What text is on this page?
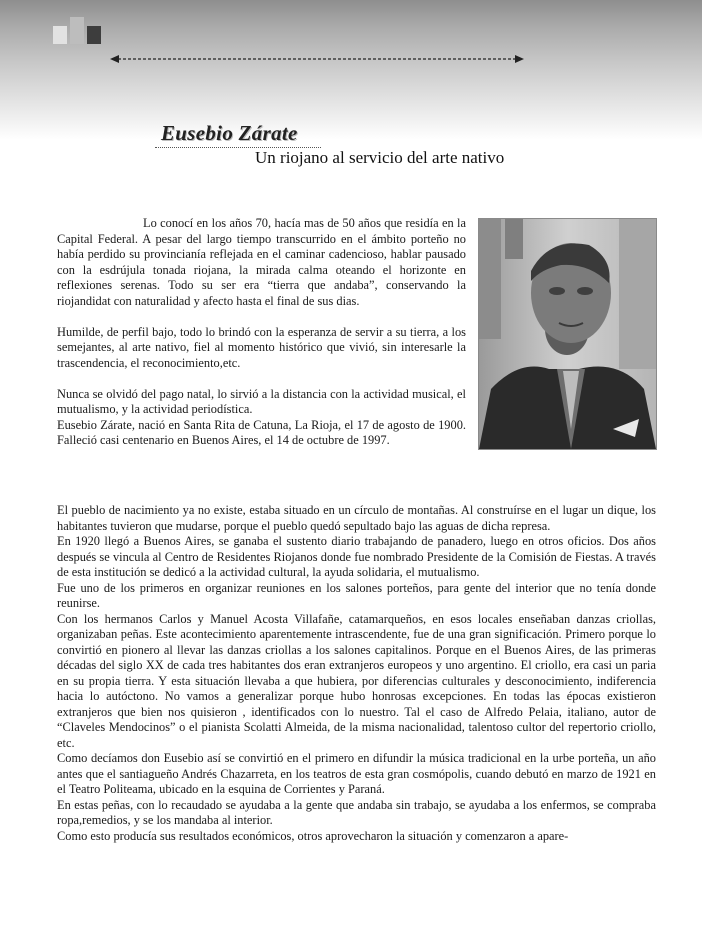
Eusebio Zárate
Un riojano al servicio del arte nativo

Lo conocí en los años 70, hacía mas de 50 años que residía en la Capital Federal. A pesar del largo tiempo transcurrido en el ámbito porteño no había perdido su provincianía reflejada en el caminar cadencioso, hablar pausado con la esdrújula tonada riojana, la mirada calma oteando el horizonte en reflexiones serenas. Todo su ser era “tierra que andaba”, conservando la riojandidat con naturalidad y afecto hasta el final de sus dias.

Humilde, de perfil bajo, todo lo brindó con la esperanza de servir a su tierra, a los semejantes, al arte nativo, fiel al momento histórico que vivió, sin interesarle la trascendencia, el reconocimiento,etc.

Nunca se olvidó del pago natal, lo sirvió a la distancia con la actividad musical, el mutualismo, y la actividad periodística.

Eusebio Zárate, nació en Santa Rita de Catuna, La Rioja, el 17 de agosto de 1900. Falleció casi centenario en Buenos Aires, el 14 de octubre de 1997.

El pueblo de nacimiento ya no existe, estaba situado en un círculo de montañas. Al construírse en el lugar un dique, los habitantes tuvieron que mudarse, porque el pueblo quedó sepultado bajo las aguas de dicha represa.

En 1920 llegó a Buenos Aires, se ganaba el sustento diario trabajando de panadero, luego en otros oficios. Dos años después se vincula al Centro de Residentes Riojanos donde fue nombrado Presidente de la Comisión de Fiestas. A través de esta institución se dedicó a la actividad cultural, la ayuda solidaria, el mutualismo.

Fue uno de los primeros en organizar reuniones en los salones porteños, para gente del interior que no tenía donde reunirse.

Con los hermanos Carlos y Manuel Acosta Villafañe, catamarqueños, en esos locales enseñaban danzas criollas, organizaban peñas. Este acontecimiento aparentemente intrascendente, fue de una gran significación. Primero porque lo convirtió en pionero al llevar las danzas criollas a los salones capitalinos. Porque en el Buenos Aires, de las primeras décadas del siglo XX de cada tres habitantes dos eran extranjeros europeos y uno argentino. El criollo, era casi un paria en su propia tierra. Y esta situación llevaba a que hubiera, por diferencias culturales y desconocimiento, indiferencia hacia lo autóctono. No vamos a generalizar porque hubo honrosas excepciones. En todas las épocas existieron extranjeros que bien nos quisieron , identificados con lo nuestro. Tal el caso de Alfredo Pelaia, italiano, autor de “Claveles Mendocinos” o el pianista Scolatti Almeida, de la misma nacionalidad, talentoso cultor del repertorio criollo, etc.

Como decíamos don Eusebio así se convirtió en el primero en difundir la música tradicional en la urbe porteña, un año antes que el santiagueño Andrés Chazarreta, en los teatros de esta gran cosmópolis, cuando debutó en marzo de 1921 en el Teatro Politeama, ubicado en la esquina de Corrientes y Paraná.

En estas peñas, con lo recaudado se ayudaba a la gente que andaba sin trabajo, se ayudaba a los enfermos, se compraba ropa,remedios, y se los mandaba al interior.

Como esto producía sus resultados económicos, otros aprovecharon la situación y comenzaron a apare-
